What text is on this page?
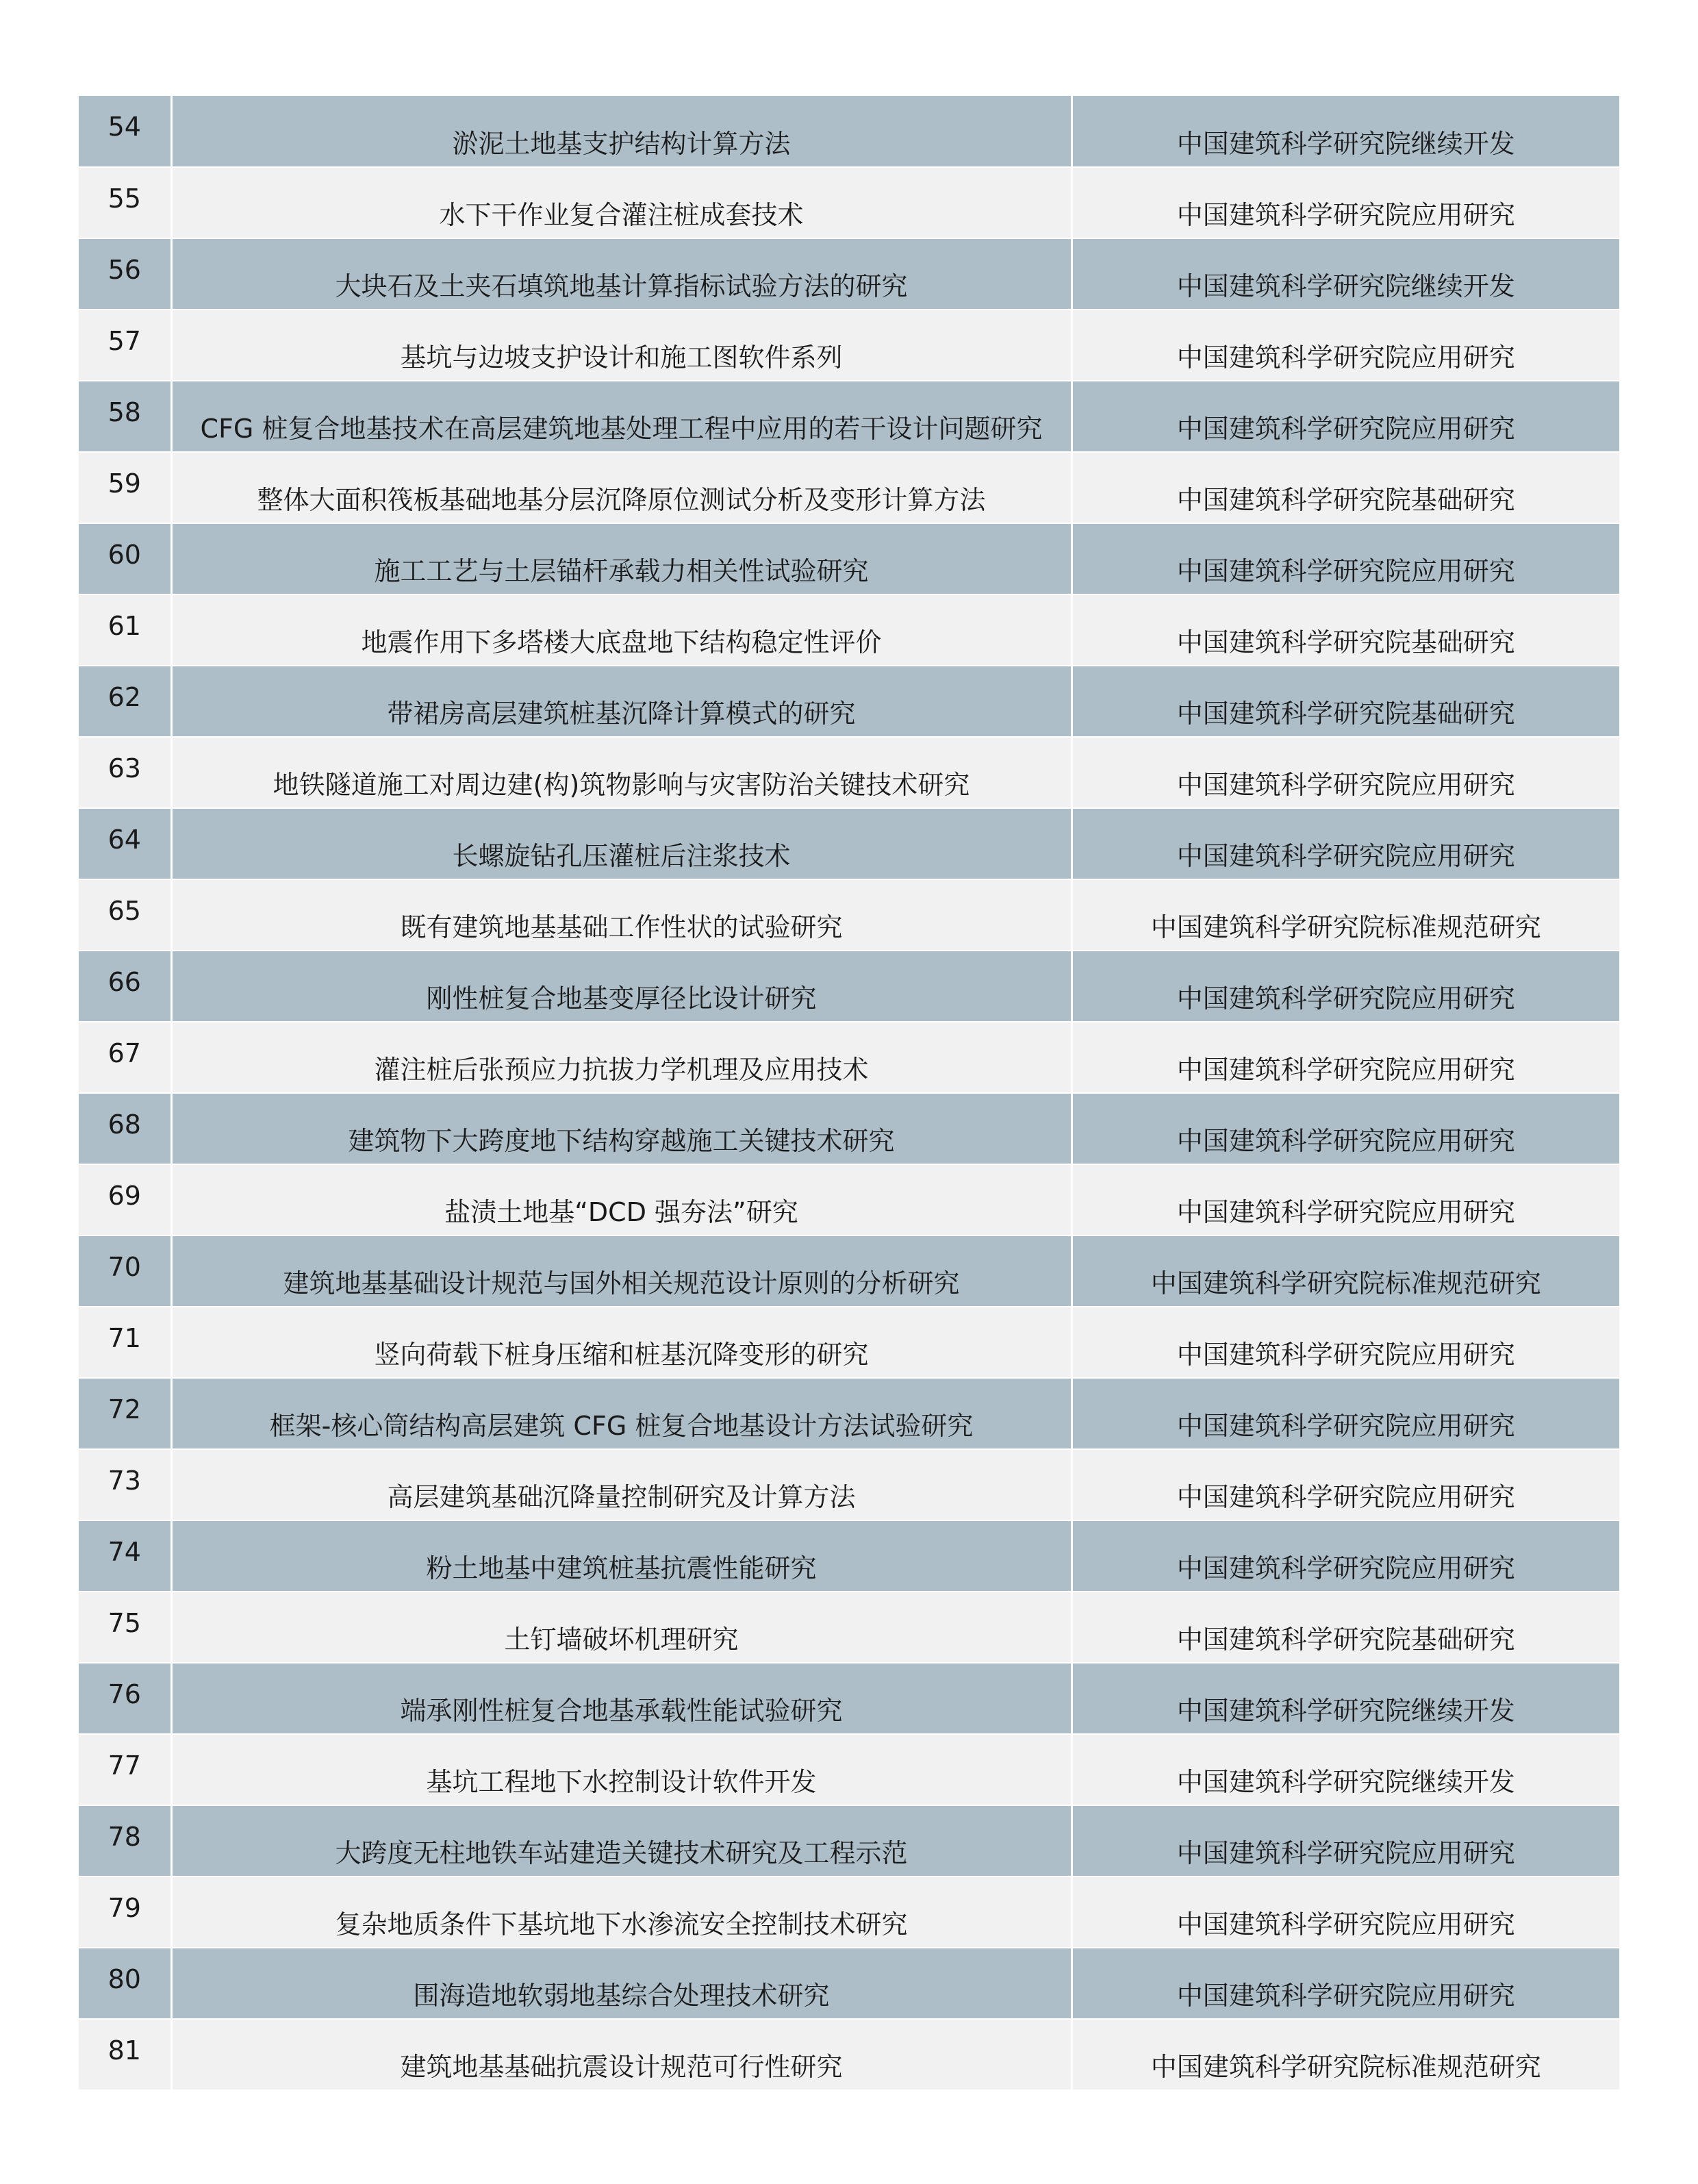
54	淤泥土地基支护结构计算方法	中国建筑科学研究院继续开发
55	水下干作业复合灌注桩成套技术	中国建筑科学研究院应用研究
56	大块石及土夹石填筑地基计算指标试验方法的研究	中国建筑科学研究院继续开发
57	基坑与边坡支护设计和施工图软件系列	中国建筑科学研究院应用研究
58	CFG 桩复合地基技术在高层建筑地基处理工程中应用的若干设计问题研究	中国建筑科学研究院应用研究
59	整体大面积筏板基础地基分层沉降原位测试分析及变形计算方法	中国建筑科学研究院基础研究
60	施工工艺与土层锚杆承载力相关性试验研究	中国建筑科学研究院应用研究
61	地震作用下多塔楼大底盘地下结构稳定性评价	中国建筑科学研究院基础研究
62	带裙房高层建筑桩基沉降计算模式的研究	中国建筑科学研究院基础研究
63	地铁隧道施工对周边建(构)筑物影响与灾害防治关键技术研究	中国建筑科学研究院应用研究
64	长螺旋钻孔压灌桩后注浆技术	中国建筑科学研究院应用研究
65	既有建筑地基基础工作性状的试验研究	中国建筑科学研究院标准规范研究
66	刚性桩复合地基变厚径比设计研究	中国建筑科学研究院应用研究
67	灌注桩后张预应力抗拔力学机理及应用技术	中国建筑科学研究院应用研究
68	建筑物下大跨度地下结构穿越施工关键技术研究	中国建筑科学研究院应用研究
69	盐渍土地基“DCD 强夯法”研究	中国建筑科学研究院应用研究
70	建筑地基基础设计规范与国外相关规范设计原则的分析研究	中国建筑科学研究院标准规范研究
71	竖向荷载下桩身压缩和桩基沉降变形的研究	中国建筑科学研究院应用研究
72	框架-核心筒结构高层建筑 CFG 桩复合地基设计方法试验研究	中国建筑科学研究院应用研究
73	高层建筑基础沉降量控制研究及计算方法	中国建筑科学研究院应用研究
74	粉土地基中建筑桩基抗震性能研究	中国建筑科学研究院应用研究
75	土钉墙破坏机理研究	中国建筑科学研究院基础研究
76	端承刚性桩复合地基承载性能试验研究	中国建筑科学研究院继续开发
77	基坑工程地下水控制设计软件开发	中国建筑科学研究院继续开发
78	大跨度无柱地铁车站建造关键技术研究及工程示范	中国建筑科学研究院应用研究
79	复杂地质条件下基坑地下水渗流安全控制技术研究	中国建筑科学研究院应用研究
80	围海造地软弱地基综合处理技术研究	中国建筑科学研究院应用研究
81	建筑地基基础抗震设计规范可行性研究	中国建筑科学研究院标准规范研究
